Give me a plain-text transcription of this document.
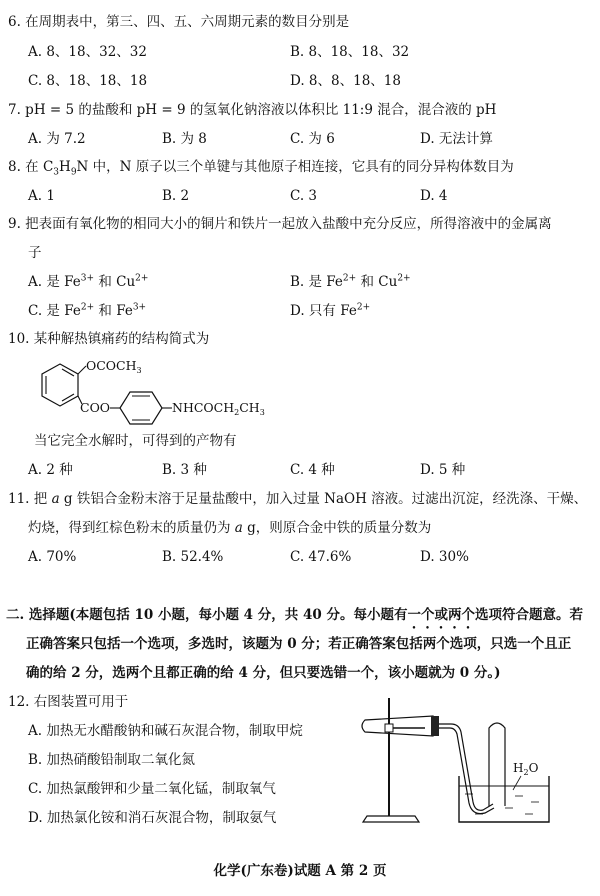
6. 在周期表中，第三、四、五、六周期元素的数目分别是
A. 8、18、32、32	B. 8、18、18、32
C. 8、18、18、18	D. 8、8、18、18
7. pH = 5 的盐酸和 pH = 9 的氢氧化钠溶液以体积比 11:9 混合，混合液的 pH
A. 为 7.2	B. 为 8	C. 为 6	D. 无法计算
8. 在 $C_3H_9N$ 中，N 原子以三个单键与其他原子相连接，它具有的同分异构体数目为
A. 1	B. 2	C. 3	D. 4
9. 把表面有氧化物的相同大小的铜片和铁片一起放入盐酸中充分反应，所得溶液中的金属离
子
A. 是 $Fe^{3+}$ 和 $Cu^{2+}$	B. 是 $Fe^{2+}$ 和 $Cu^{2+}$
C. 是 $Fe^{2+}$ 和 $Fe^{3+}$	D. 只有 $Fe^{2+}$
10. 某种解热镇痛药的结构简式为
$OCOCH_3$
COO	$NHCOCH_2CH_3$
当它完全水解时，可得到的产物有
A. 2 种	B. 3 种	C. 4 种	D. 5 种
11. 把 a g 铁铝合金粉末溶于足量盐酸中，加入过量 NaOH 溶液。过滤出沉淀，经洗涤、干燥、
灼烧，得到红棕色粉末的质量仍为 a g，则原合金中铁的质量分数为
A. 70%	B. 52.4%	C. 47.6%	D. 30%
二. 选择题(本题包括 10 小题，每小题 4 分，共 40 分。每小题有一个或两个选项符合题意。若
正确答案只包括一个选项，多选时，该题为 0 分；若正确答案包括两个选项，只选一个且正
确的给 2 分，选两个且都正确的给 4 分，但只要选错一个，该小题就为 0 分。)
12. 右图装置可用于
A. 加热无水醋酸钠和碱石灰混合物，制取甲烷
B. 加热硝酸铅制取二氧化氮
C. 加热氯酸钾和少量二氧化锰，制取氧气
D. 加热氯化铵和消石灰混合物，制取氨气
$H_2O$
化学(广东卷)试题 A 第 2 页
